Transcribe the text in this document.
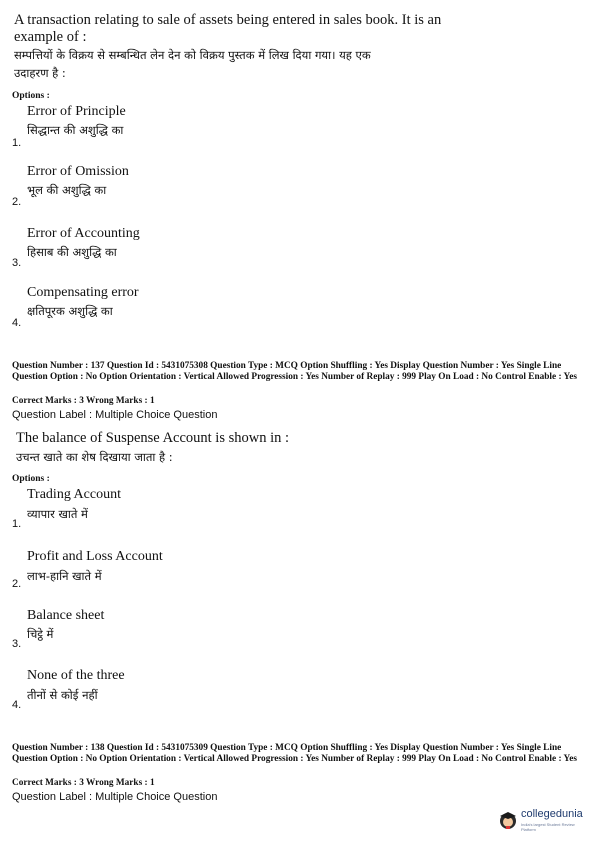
A transaction relating to sale of assets being entered in sales book. It is an
example of :
सम्पत्तियों के विक्रय से सम्बन्धित लेन देन को विक्रय पुस्तक में लिख दिया गया। यह एक
उदाहरण है :
Options :
Error of Principle
सिद्धान्त की अशुद्धि का
1.
Error of Omission
भूल की अशुद्धि का
2.
Error of Accounting
हिसाब की अशुद्धि का
3.
Compensating error
क्षतिपूरक अशुद्धि का
4.
Question Number : 137 Question Id : 5431075308 Question Type : MCQ Option Shuffling : Yes Display Question Number : Yes Single Line Question Option : No Option Orientation : Vertical Allowed Progression : Yes Number of Replay : 999 Play On Load : No Control Enable : Yes
Correct Marks : 3 Wrong Marks : 1
Question Label : Multiple Choice Question
The balance of Suspense Account is shown in :
उचन्त खाते का शेष दिखाया जाता है :
Options :
Trading Account
व्यापार खाते में
1.
Profit and Loss Account
लाभ-हानि खाते में
2.
Balance sheet
चिट्ठे में
3.
None of the three
तीनों से कोई नहीं
4.
Question Number : 138 Question Id : 5431075309 Question Type : MCQ Option Shuffling : Yes Display Question Number : Yes Single Line Question Option : No Option Orientation : Vertical Allowed Progression : Yes Number of Replay : 999 Play On Load : No Control Enable : Yes
Correct Marks : 3 Wrong Marks : 1
Question Label : Multiple Choice Question
collegedunia
India's largest Student Review Platform
